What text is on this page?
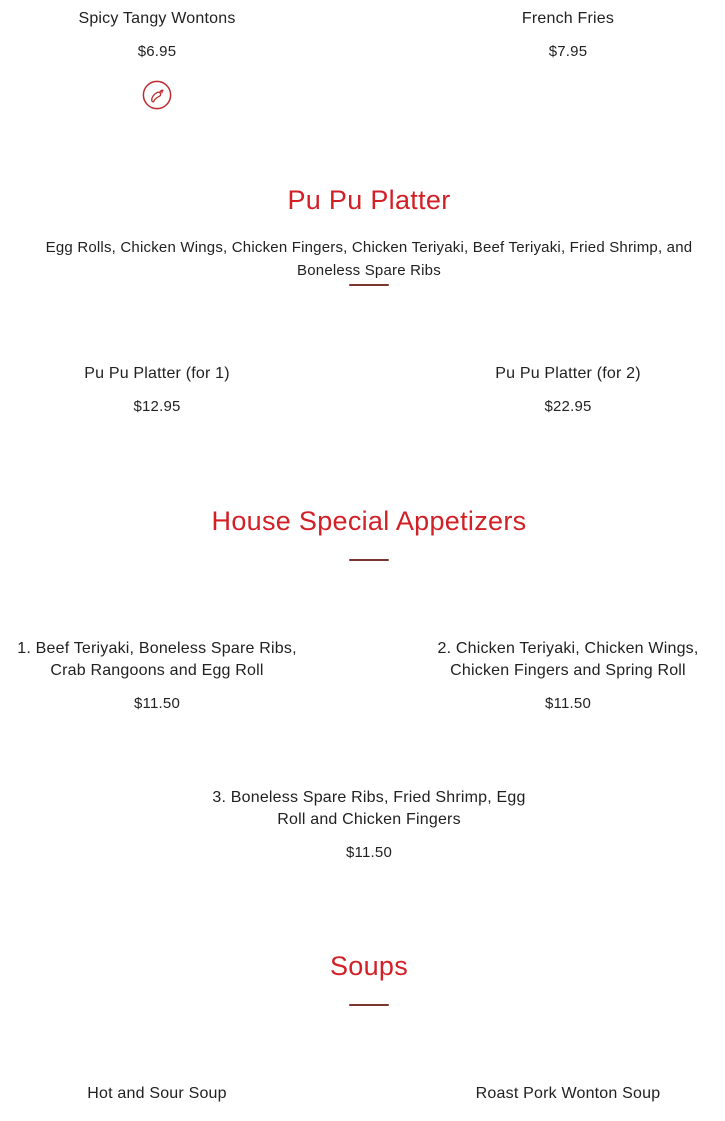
Spicy Tangy Wontons
$6.95
French Fries
$7.95
Pu Pu Platter
Egg Rolls, Chicken Wings, Chicken Fingers, Chicken Teriyaki, Beef Teriyaki, Fried Shrimp, and Boneless Spare Ribs
Pu Pu Platter (for 1)
$12.95
Pu Pu Platter (for 2)
$22.95
House Special Appetizers
1. Beef Teriyaki, Boneless Spare Ribs, Crab Rangoons and Egg Roll
$11.50
2. Chicken Teriyaki, Chicken Wings, Chicken Fingers and Spring Roll
$11.50
3. Boneless Spare Ribs, Fried Shrimp, Egg Roll and Chicken Fingers
$11.50
Soups
Hot and Sour Soup	Roast Pork Wonton Soup
